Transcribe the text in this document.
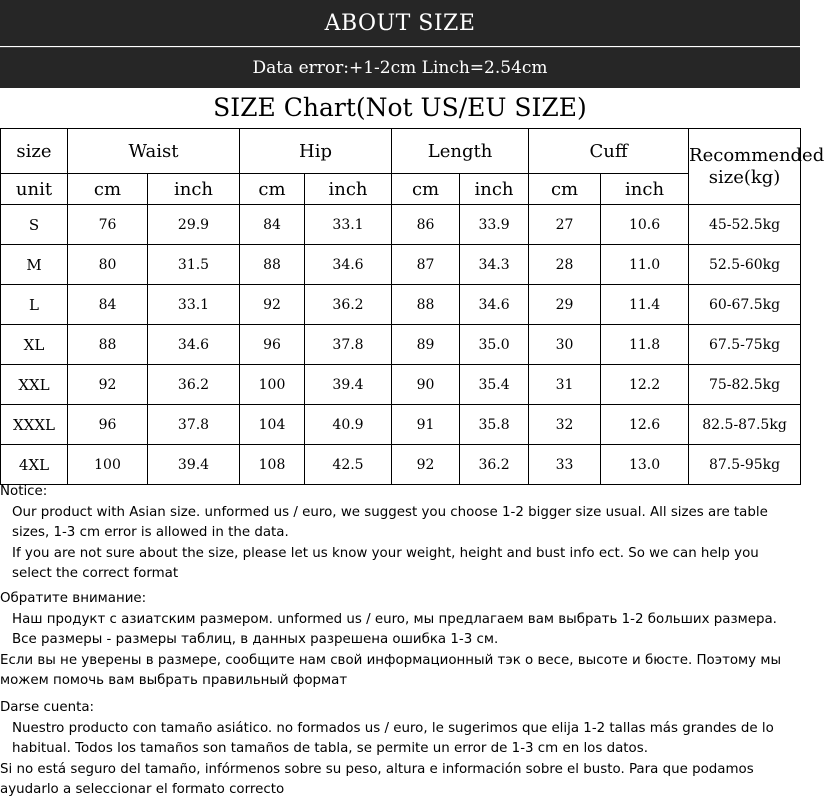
ABOUT SIZE
Data error:+1-2cm Linch=2.54cm
SIZE Chart(Not US/EU SIZE)
size	Waist		Hip		Length		Cuff		Recommended
size(kg)
unit	cm	inch	cm	inch	cm	inch	cm	inch	
S	76	29.9	84	33.1	86	33.9	27	10.6	45-52.5kg
M	80	31.5	88	34.6	87	34.3	28	11.0	52.5-60kg
L	84	33.1	92	36.2	88	34.6	29	11.4	60-67.5kg
XL	88	34.6	96	37.8	89	35.0	30	11.8	67.5-75kg
XXL	92	36.2	100	39.4	90	35.4	31	12.2	75-82.5kg
XXXL	96	37.8	104	40.9	91	35.8	32	12.6	82.5-87.5kg
4XL	100	39.4	108	42.5	92	36.2	33	13.0	87.5-95kg

Notice:

Our product with Asian size. unformed us / euro, we suggest you choose 1-2 bigger size usual. All sizes are table sizes, 1-3 cm error is allowed in the data.

If you are not sure about the size, please let us know your weight, height and bust info ect. So we can help you select the correct format

Обратите внимание:

Наш продукт с азиатским размером. unformed us / euro, мы предлагаем вам выбрать 1-2 больших размера. Все размеры - размеры таблиц, в данных разрешена ошибка 1-3 см.

Если вы не уверены в размере, сообщите нам свой информационный тэк о весе, высоте и бюсте. Поэтому мы можем помочь вам выбрать правильный формат

Darse cuenta:

Nuestro producto con tamaño asiático. no formados us / euro, le sugerimos que elija 1-2 tallas más grandes de lo habitual. Todos los tamaños son tamaños de tabla, se permite un error de 1-3 cm en los datos.

Si no está seguro del tamaño, infórmenos sobre su peso, altura e información sobre el busto. Para que podamos ayudarlo a seleccionar el formato correcto
